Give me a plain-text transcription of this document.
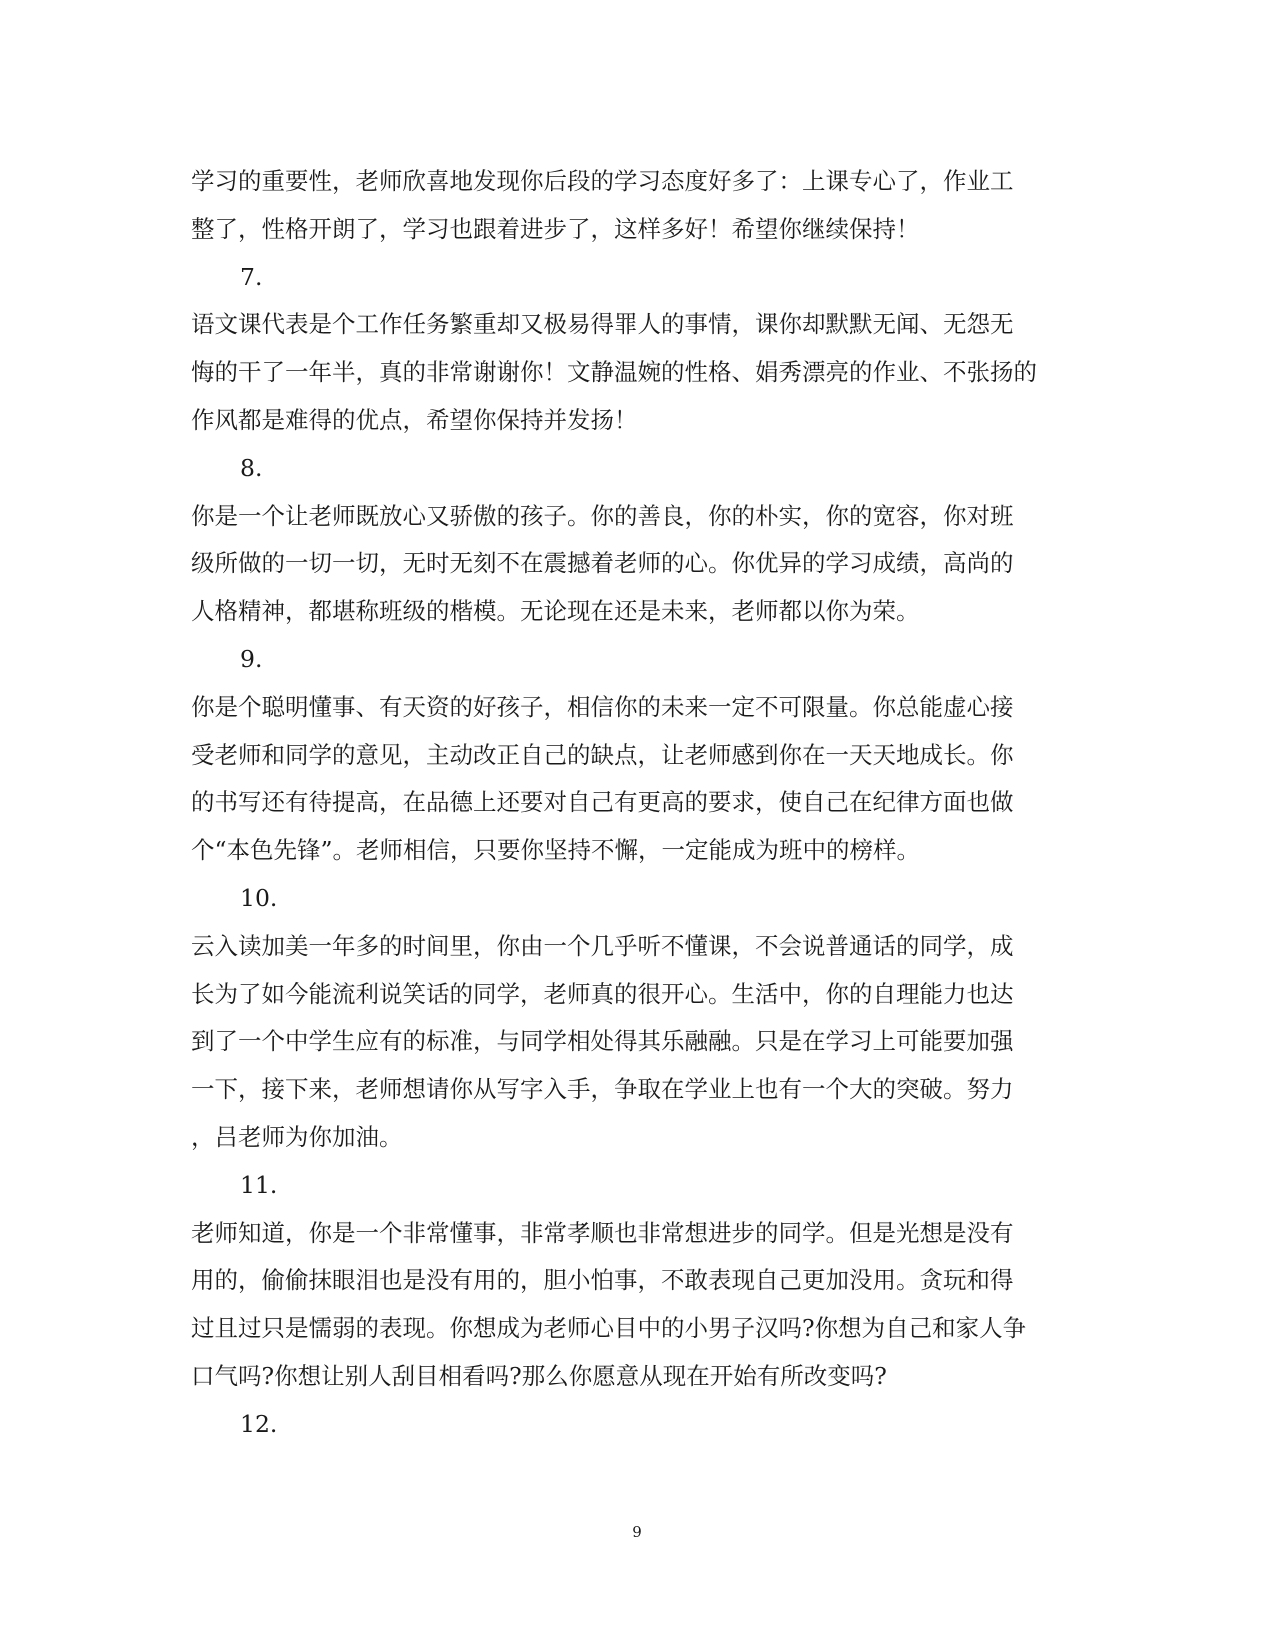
学习的重要性，老师欣喜地发现你后段的学习态度好多了：上课专心了，作业工
整了，性格开朗了，学习也跟着进步了，这样多好！希望你继续保持！
7.
语文课代表是个工作任务繁重却又极易得罪人的事情，课你却默默无闻、无怨无
悔的干了一年半，真的非常谢谢你！文静温婉的性格、娟秀漂亮的作业、不张扬的
作风都是难得的优点，希望你保持并发扬！
8.
你是一个让老师既放心又骄傲的孩子。你的善良，你的朴实，你的宽容，你对班
级所做的一切一切，无时无刻不在震撼着老师的心。你优异的学习成绩，高尚的
人格精神，都堪称班级的楷模。无论现在还是未来，老师都以你为荣。
9.
你是个聪明懂事、有天资的好孩子，相信你的未来一定不可限量。你总能虚心接
受老师和同学的意见，主动改正自己的缺点，让老师感到你在一天天地成长。你
的书写还有待提高，在品德上还要对自己有更高的要求，使自己在纪律方面也做
个“本色先锋”。老师相信，只要你坚持不懈，一定能成为班中的榜样。
10.
云入读加美一年多的时间里，你由一个几乎听不懂课，不会说普通话的同学，成
长为了如今能流利说笑话的同学，老师真的很开心。生活中，你的自理能力也达
到了一个中学生应有的标准，与同学相处得其乐融融。只是在学习上可能要加强
一下，接下来，老师想请你从写字入手，争取在学业上也有一个大的突破。努力
，吕老师为你加油。
11.
老师知道，你是一个非常懂事，非常孝顺也非常想进步的同学。但是光想是没有
用的，偷偷抹眼泪也是没有用的，胆小怕事，不敢表现自己更加没用。贪玩和得
过且过只是懦弱的表现。你想成为老师心目中的小男子汉吗?你想为自己和家人争
口气吗?你想让别人刮目相看吗?那么你愿意从现在开始有所改变吗?
12.
9
